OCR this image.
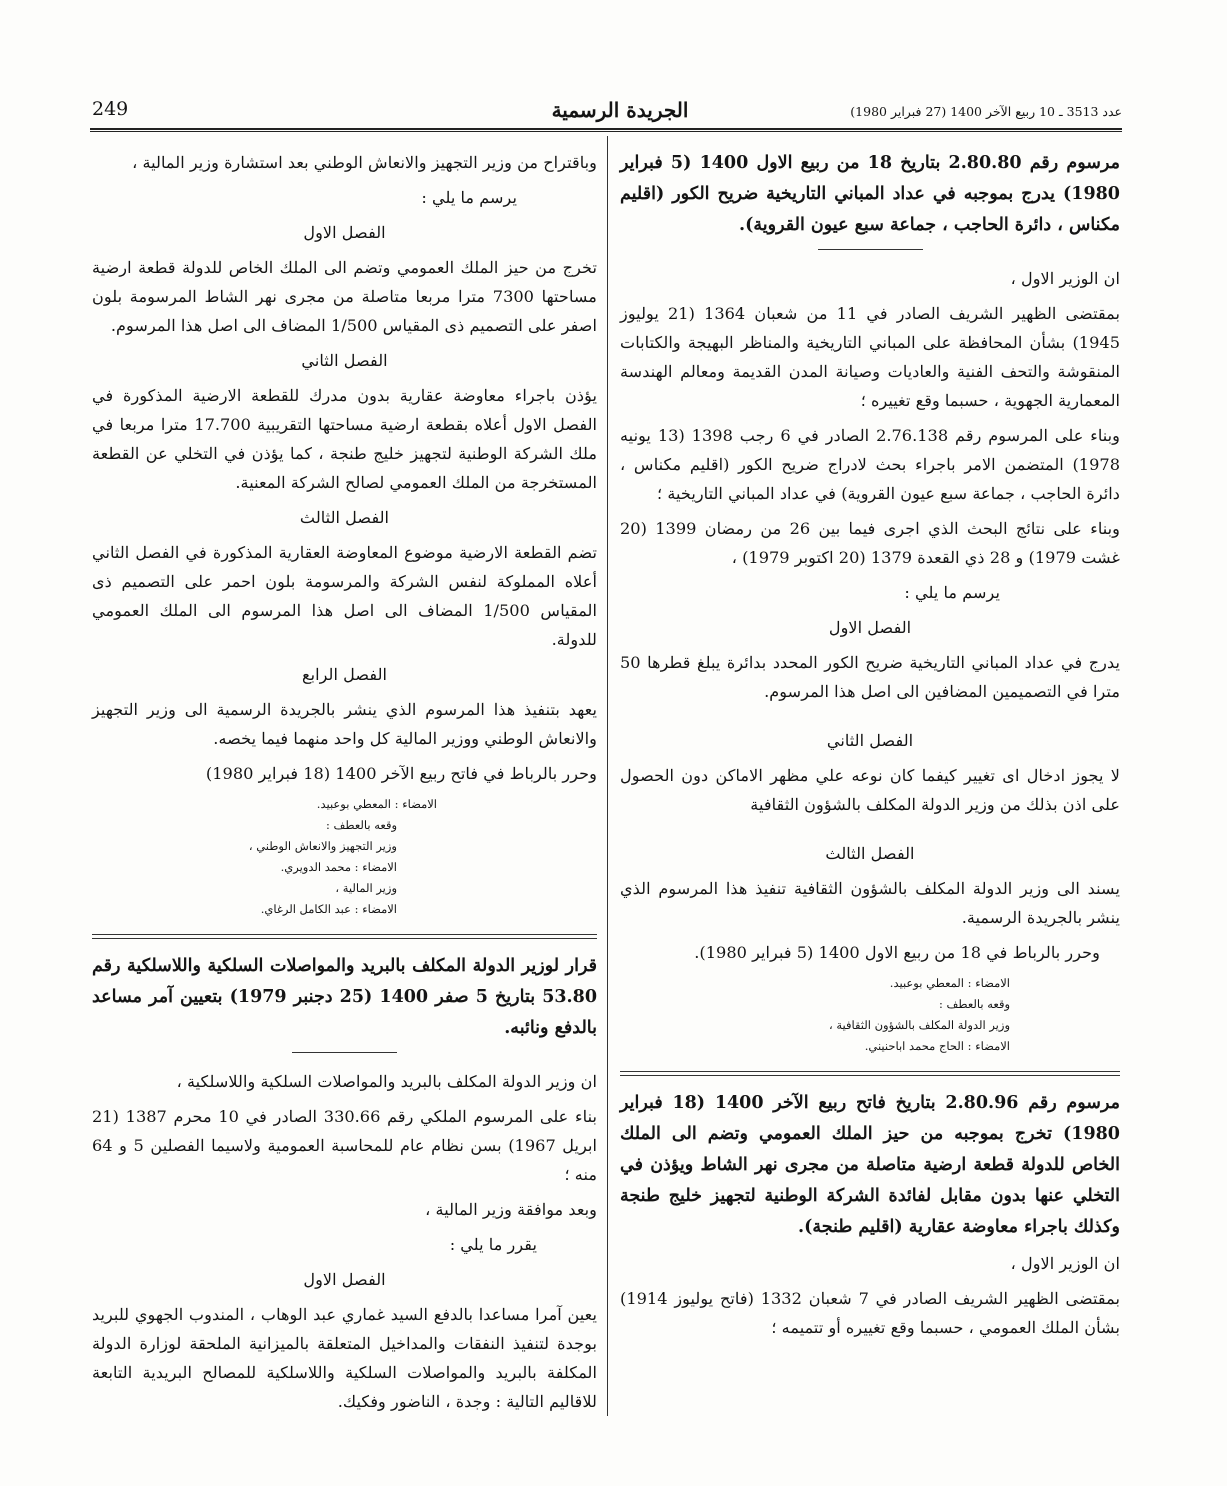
249	الجريدة الرسمية	عدد 3513 ـ 10 ربيع الآخر 1400 (27 فبراير 1980)

مرسوم رقم 2.80.80 بتاريخ 18 من ربيع الاول 1400 (5 فبراير 1980) يدرج بموجبه في عداد المباني التاريخية ضريح الكور (اقليم مكناس ، دائرة الحاجب ، جماعة سبع عيون القروية).

ان الوزير الاول ،

بمقتضى الظهير الشريف الصادر في 11 من شعبان 1364 (21 يوليوز 1945) بشأن المحافظة على المباني التاريخية والمناظر البهيجة والكتابات المنقوشة والتحف الفنية والعاديات وصيانة المدن القديمة ومعالم الهندسة المعمارية الجهوية ، حسبما وقع تغييره ؛

وبناء على المرسوم رقم 2.76.138 الصادر في 6 رجب 1398 (13 يونيه 1978) المتضمن الامر باجراء بحث لادراج ضريح الكور (اقليم مكناس ، دائرة الحاجب ، جماعة سبع عيون القروية) في عداد المباني التاريخية ؛

وبناء على نتائج البحث الذي اجرى فيما بين 26 من رمضان 1399 (20 غشت 1979) و 28 ذي القعدة 1379 (20 اكتوبر 1979) ،

يرسم ما يلي :

الفصل الاول

يدرج في عداد المباني التاريخية ضريح الكور المحدد بدائرة يبلغ قطرها 50 مترا في التصميمين المضافين الى اصل هذا المرسوم.

الفصل الثاني

لا يجوز ادخال اى تغيير كيفما كان نوعه علي مظهر الاماكن دون الحصول على اذن بذلك من وزير الدولة المكلف بالشؤون الثقافية

الفصل الثالث

يسند الى وزير الدولة المكلف بالشؤون الثقافية تنفيذ هذا المرسوم الذي ينشر بالجريدة الرسمية.

وحرر بالرباط في 18 من ربيع الاول 1400 (5 فبراير 1980).

الامضاء : المعطي بوعبيد.
وقعه بالعطف :
وزير الدولة المكلف بالشؤون الثقافية ،
الامضاء : الحاج محمد اباحنيني.

مرسوم رقم 2.80.96 بتاريخ فاتح ربيع الآخر 1400 (18 فبراير 1980) تخرج بموجبه من حيز الملك العمومي وتضم الى الملك الخاص للدولة قطعة ارضية متاصلة من مجرى نهر الشاط ويؤذن في التخلي عنها بدون مقابل لفائدة الشركة الوطنية لتجهيز خليج طنجة وكذلك باجراء معاوضة عقارية (اقليم طنجة).

ان الوزير الاول ،

بمقتضى الظهير الشريف الصادر في 7 شعبان 1332 (فاتح يوليوز 1914) بشأن الملك العمومي ، حسبما وقع تغييره أو تتميمه ؛

وباقتراح من وزير التجهيز والانعاش الوطني بعد استشارة وزير المالية ،

يرسم ما يلي :

الفصل الاول

تخرج من حيز الملك العمومي وتضم الى الملك الخاص للدولة قطعة ارضية مساحتها 7300 مترا مربعا متاصلة من مجرى نهر الشاط المرسومة بلون اصفر على التصميم ذى المقياس 1/500 المضاف الى اصل هذا المرسوم.

الفصل الثاني

يؤذن باجراء معاوضة عقارية بدون مدرك للقطعة الارضية المذكورة في الفصل الاول أعلاه بقطعة ارضية مساحتها التقريبية 17.700 مترا مربعا في ملك الشركة الوطنية لتجهيز خليج طنجة ، كما يؤذن في التخلي عن القطعة المستخرجة من الملك العمومي لصالح الشركة المعنية.

الفصل الثالث

تضم القطعة الارضية موضوع المعاوضة العقارية المذكورة في الفصل الثاني أعلاه المملوكة لنفس الشركة والمرسومة بلون احمر على التصميم ذى المقياس 1/500 المضاف الى اصل هذا المرسوم الى الملك العمومي للدولة.

الفصل الرابع

يعهد بتنفيذ هذا المرسوم الذي ينشر بالجريدة الرسمية الى وزير التجهيز والانعاش الوطني ووزير المالية كل واحد منهما فيما يخصه.

وحرر بالرباط في فاتح ربيع الآخر 1400 (18 فبراير 1980)

الامضاء : المعطي بوعبيد.
وقعه بالعطف :
وزير التجهيز والانعاش الوطني ،
الامضاء : محمد الدويري.
وزير المالية ،
الامضاء : عبد الكامل الرغاي.

قرار لوزير الدولة المكلف بالبريد والمواصلات السلكية واللاسلكية رقم 53.80 بتاريخ 5 صفر 1400 (25 دجنبر 1979) بتعيين آمر مساعد بالدفع ونائبه.

ان وزير الدولة المكلف بالبريد والمواصلات السلكية واللاسلكية ،

بناء على المرسوم الملكي رقم 330.66 الصادر في 10 محرم 1387 (21 ابريل 1967) بسن نظام عام للمحاسبة العمومية ولاسيما الفصلين 5 و 64 منه ؛

وبعد موافقة وزير المالية ،

يقرر ما يلي :

الفصل الاول

يعين آمرا مساعدا بالدفع السيد غماري عبد الوهاب ، المندوب الجهوي للبريد بوجدة لتنفيذ النفقات والمداخيل المتعلقة بالميزانية الملحقة لوزارة الدولة المكلفة بالبريد والمواصلات السلكية واللاسلكية للمصالح البريدية التابعة للاقاليم التالية : وجدة ، الناضور وفكيك.
